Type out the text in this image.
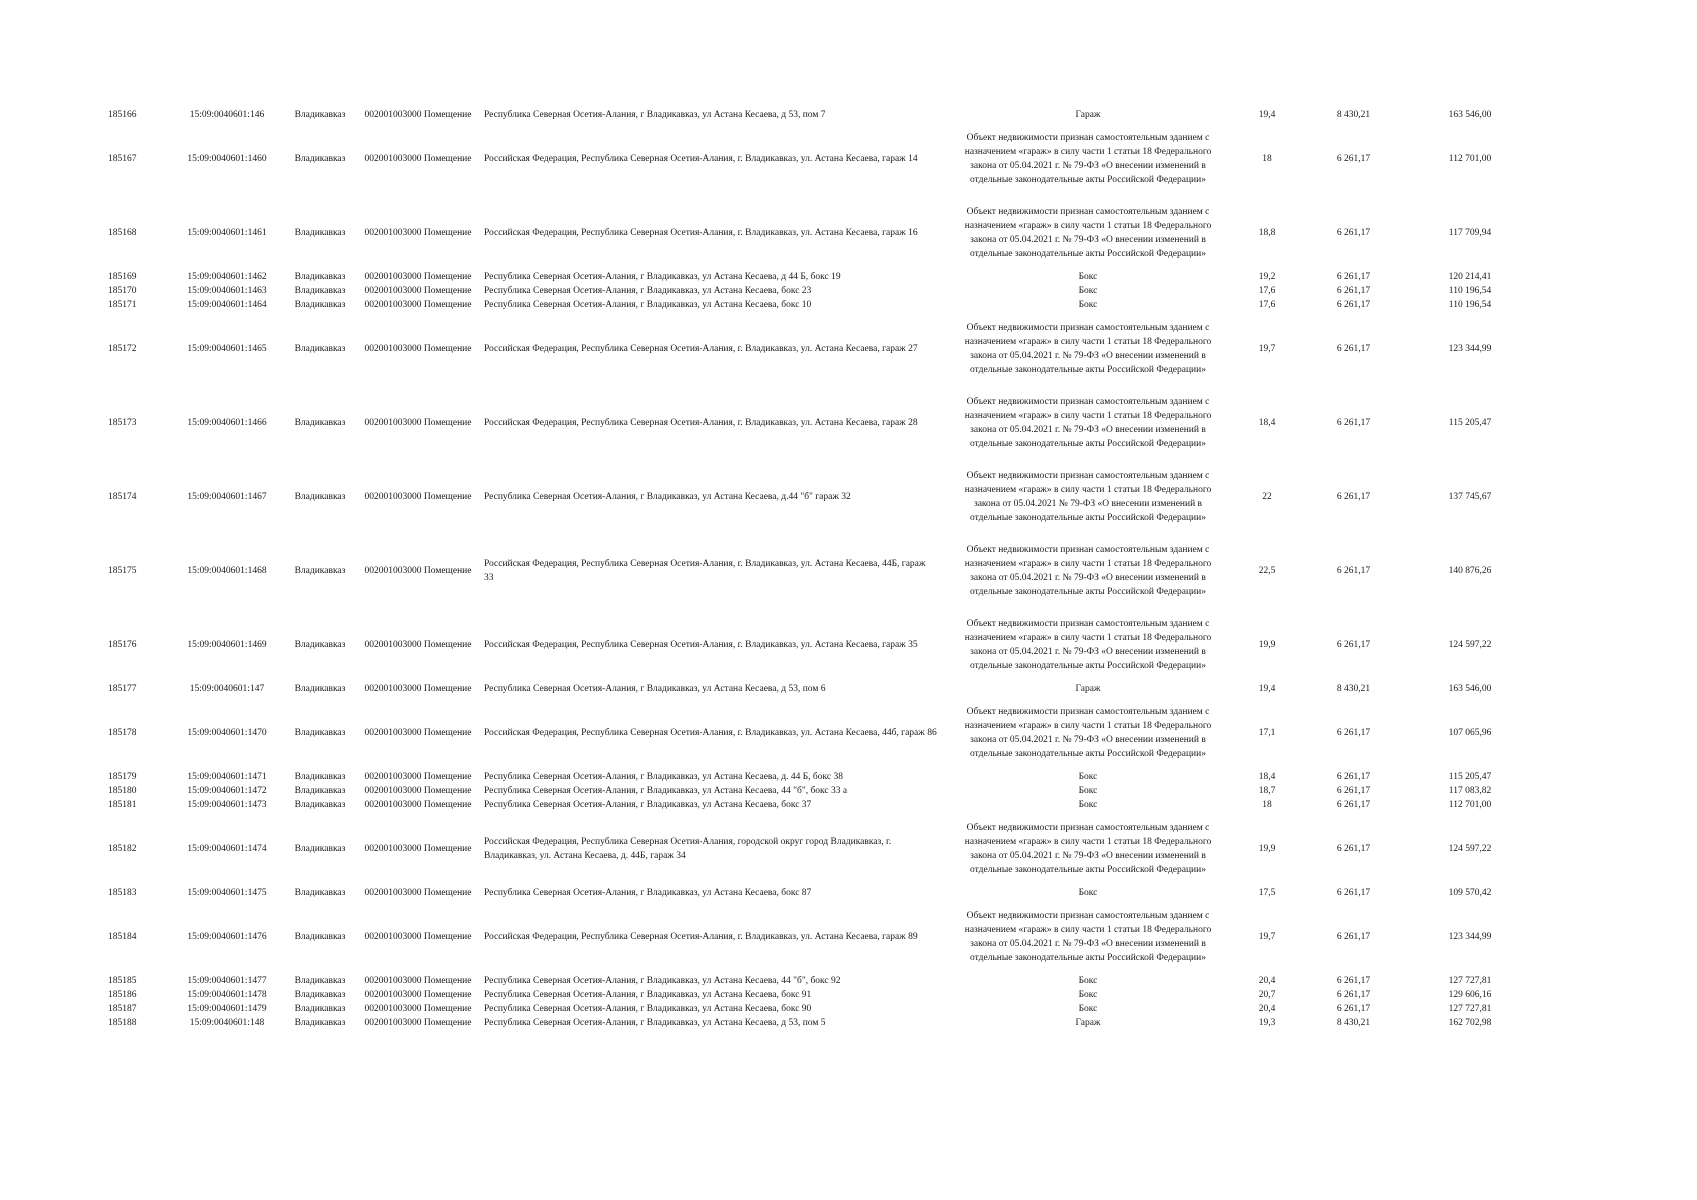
185166	15:09:0040601:146	Владикавказ	002001003000 Помещение	Республика Северная Осетия-Алания, г Владикавказ, ул Астана Кесаева, д 53, пом 7	Гараж	19,4	8 430,21	163 546,00

185167	15:09:0040601:1460	Владикавказ	002001003000 Помещение	Российская Федерация, Республика Северная Осетия-Алания, г. Владикавказ, ул. Астана Кесаева, гараж 14	Объект недвижимости признан самостоятельным зданием с назначением «гараж» в силу части 1 статьи 18 Федерального закона от 05.04.2021 г. № 79-ФЗ «О внесении изменений в отдельные законодательные акты Российской Федерации»	18	6 261,17	112 701,00

185168	15:09:0040601:1461	Владикавказ	002001003000 Помещение	Российская Федерация, Республика Северная Осетия-Алания, г. Владикавказ, ул. Астана Кесаева, гараж 16	Объект недвижимости признан самостоятельным зданием с назначением «гараж» в силу части 1 статьи 18 Федерального закона от 05.04.2021 г. № 79-ФЗ «О внесении изменений в отдельные законодательные акты Российской Федерации»	18,8	6 261,17	117 709,94

185169	15:09:0040601:1462	Владикавказ	002001003000 Помещение	Республика Северная Осетия-Алания, г Владикавказ, ул Астана Кесаева, д 44 Б, бокс 19	Бокс	19,2	6 261,17	120 214,41

185170	15:09:0040601:1463	Владикавказ	002001003000 Помещение	Республика Северная Осетия-Алания, г Владикавказ, ул Астана Кесаева, бокс 23	Бокс	17,6	6 261,17	110 196,54

185171	15:09:0040601:1464	Владикавказ	002001003000 Помещение	Республика Северная Осетия-Алания, г Владикавказ, ул Астана Кесаева, бокс 10	Бокс	17,6	6 261,17	110 196,54

185172	15:09:0040601:1465	Владикавказ	002001003000 Помещение	Российская Федерация, Республика Северная Осетия-Алания, г. Владикавказ, ул. Астана Кесаева, гараж 27	Объект недвижимости признан самостоятельным зданием с назначением «гараж» в силу части 1 статьи 18 Федерального закона от 05.04.2021 г. № 79-ФЗ «О внесении изменений в отдельные законодательные акты Российской Федерации»	19,7	6 261,17	123 344,99

185173	15:09:0040601:1466	Владикавказ	002001003000 Помещение	Российская Федерация, Республика Северная Осетия-Алания, г. Владикавказ, ул. Астана Кесаева, гараж 28	Объект недвижимости признан самостоятельным зданием с назначением «гараж» в силу части 1 статьи 18 Федерального закона от 05.04.2021 г. № 79-ФЗ «О внесении изменений в отдельные законодательные акты Российской Федерации»	18,4	6 261,17	115 205,47

185174	15:09:0040601:1467	Владикавказ	002001003000 Помещение	Республика Северная Осетия-Алания, г Владикавказ, ул Астана Кесаева, д.44 "б" гараж 32	Объект недвижимости признан самостоятельным зданием с назначением «гараж» в силу части 1 статьи 18 Федерального закона от 05.04.2021 № 79-ФЗ «О внесении изменений в отдельные законодательные акты Российской Федерации»	22	6 261,17	137 745,67

185175	15:09:0040601:1468	Владикавказ	002001003000 Помещение	Российская Федерация, Республика Северная Осетия-Алания, г. Владикавказ, ул. Астана Кесаева, 44Б, гараж 33	Объект недвижимости признан самостоятельным зданием с назначением «гараж» в силу части 1 статьи 18 Федерального закона от 05.04.2021 г. № 79-ФЗ «О внесении изменений в отдельные законодательные акты Российской Федерации»	22,5	6 261,17	140 876,26

185176	15:09:0040601:1469	Владикавказ	002001003000 Помещение	Российская Федерация, Республика Северная Осетия-Алания, г. Владикавказ, ул. Астана Кесаева, гараж 35	Объект недвижимости признан самостоятельным зданием с назначением «гараж» в силу части 1 статьи 18 Федерального закона от 05.04.2021 г. № 79-ФЗ «О внесении изменений в отдельные законодательные акты Российской Федерации»	19,9	6 261,17	124 597,22

185177	15:09:0040601:147	Владикавказ	002001003000 Помещение	Республика Северная Осетия-Алания, г Владикавказ, ул Астана Кесаева, д 53, пом 6	Гараж	19,4	8 430,21	163 546,00

185178	15:09:0040601:1470	Владикавказ	002001003000 Помещение	Российская Федерация, Республика Северная Осетия-Алания, г. Владикавказ, ул. Астана Кесаева, 44б, гараж 86	Объект недвижимости признан самостоятельным зданием с назначением «гараж» в силу части 1 статьи 18 Федерального закона от 05.04.2021 г. № 79-ФЗ «О внесении изменений в отдельные законодательные акты Российской Федерации»	17,1	6 261,17	107 065,96

185179	15:09:0040601:1471	Владикавказ	002001003000 Помещение	Республика Северная Осетия-Алания, г Владикавказ, ул Астана Кесаева, д. 44 Б, бокс 38	Бокс	18,4	6 261,17	115 205,47

185180	15:09:0040601:1472	Владикавказ	002001003000 Помещение	Республика Северная Осетия-Алания, г Владикавказ, ул Астана Кесаева, 44 "б", бокс 33 а	Бокс	18,7	6 261,17	117 083,82

185181	15:09:0040601:1473	Владикавказ	002001003000 Помещение	Республика Северная Осетия-Алания, г Владикавказ, ул Астана Кесаева, бокс 37	Бокс	18	6 261,17	112 701,00

185182	15:09:0040601:1474	Владикавказ	002001003000 Помещение	Российская Федерация, Республика Северная Осетия-Алания, городской округ город Владикавказ, г. Владикавказ, ул. Астана Кесаева, д. 44Б, гараж 34	Объект недвижимости признан самостоятельным зданием с назначением «гараж» в силу части 1 статьи 18 Федерального закона от 05.04.2021 г. № 79-ФЗ «О внесении изменений в отдельные законодательные акты Российской Федерации»	19,9	6 261,17	124 597,22

185183	15:09:0040601:1475	Владикавказ	002001003000 Помещение	Республика Северная Осетия-Алания, г Владикавказ, ул Астана Кесаева, бокс 87	Бокс	17,5	6 261,17	109 570,42

185184	15:09:0040601:1476	Владикавказ	002001003000 Помещение	Российская Федерация, Республика Северная Осетия-Алания, г. Владикавказ, ул. Астана Кесаева, гараж 89	Объект недвижимости признан самостоятельным зданием с назначением «гараж» в силу части 1 статьи 18 Федерального закона от 05.04.2021 г. № 79-ФЗ «О внесении изменений в отдельные законодательные акты Российской Федерации»	19,7	6 261,17	123 344,99

185185	15:09:0040601:1477	Владикавказ	002001003000 Помещение	Республика Северная Осетия-Алания, г Владикавказ, ул Астана Кесаева, 44 "б", бокс 92	Бокс	20,4	6 261,17	127 727,81

185186	15:09:0040601:1478	Владикавказ	002001003000 Помещение	Республика Северная Осетия-Алания, г Владикавказ, ул Астана Кесаева, бокс 91	Бокс	20,7	6 261,17	129 606,16

185187	15:09:0040601:1479	Владикавказ	002001003000 Помещение	Республика Северная Осетия-Алания, г Владикавказ, ул Астана Кесаева, бокс 90	Бокс	20,4	6 261,17	127 727,81

185188	15:09:0040601:148	Владикавказ	002001003000 Помещение	Республика Северная Осетия-Алания, г Владикавказ, ул Астана Кесаева, д 53, пом 5	Гараж	19,3	8 430,21	162 702,98
